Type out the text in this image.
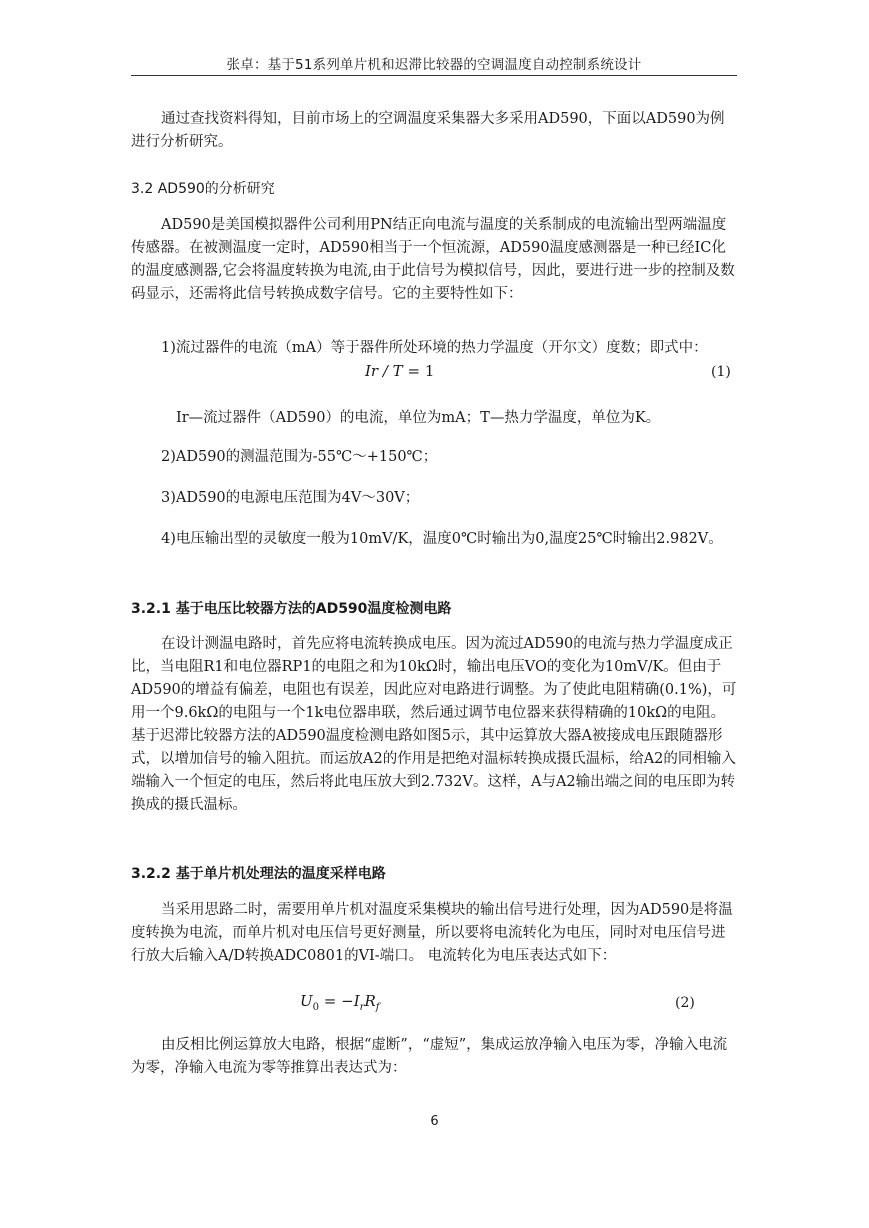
张卓：基于51系列单片机和迟滞比较器的空调温度自动控制系统设计

通过查找资料得知，目前市场上的空调温度采集器大多采用AD590，下面以AD590为例进行分析研究。

3.2 AD590的分析研究

AD590是美国模拟器件公司利用PN结正向电流与温度的关系制成的电流输出型两端温度传感器。在被测温度一定时，AD590相当于一个恒流源，AD590温度感测器是一种已经IC化的温度感测器,它会将温度转换为电流,由于此信号为模拟信号，因此，要进行进一步的控制及数码显示，还需将此信号转换成数字信号。它的主要特性如下：

1)流过器件的电流（mA）等于器件所处环境的热力学温度（开尔文）度数；即式中：

Ir / T = 1	(1)

Ir—流过器件（AD590）的电流，单位为mA；T—热力学温度，单位为K。

2)AD590的测温范围为-55℃～+150℃；

3)AD590的电源电压范围为4V～30V；

4)电压输出型的灵敏度一般为10mV/K，温度0℃时输出为0,温度25℃时输出2.982V。

3.2.1 基于电压比较器方法的AD590温度检测电路

在设计测温电路时，首先应将电流转换成电压。因为流过AD590的电流与热力学温度成正比，当电阻R1和电位器RP1的电阻之和为10kΩ时，输出电压VO的变化为10mV/K。但由于AD590的增益有偏差，电阻也有误差，因此应对电路进行调整。为了使此电阻精确(0.1%)，可用一个9.6kΩ的电阻与一个1k电位器串联，然后通过调节电位器来获得精确的10kΩ的电阻。基于迟滞比较器方法的AD590温度检测电路如图5示，其中运算放大器A被接成电压跟随器形式，以增加信号的输入阻抗。而运放A2的作用是把绝对温标转换成摄氏温标，给A2的同相输入端输入一个恒定的电压，然后将此电压放大到2.732V。这样，A与A2输出端之间的电压即为转换成的摄氏温标。

3.2.2 基于单片机处理法的温度采样电路

当采用思路二时，需要用单片机对温度采集模块的输出信号进行处理，因为AD590是将温度转换为电流，而单片机对电压信号更好测量，所以要将电流转化为电压，同时对电压信号进行放大后输入A/D转换ADC0801的VI-端口。 电流转化为电压表达式如下：

$U_0 = -I_rR_f$	(2)

由反相比例运算放大电路，根据“虚断”，“虚短”，集成运放净输入电压为零，净输入电流为零，净输入电流为零等推算出表达式为：

6
